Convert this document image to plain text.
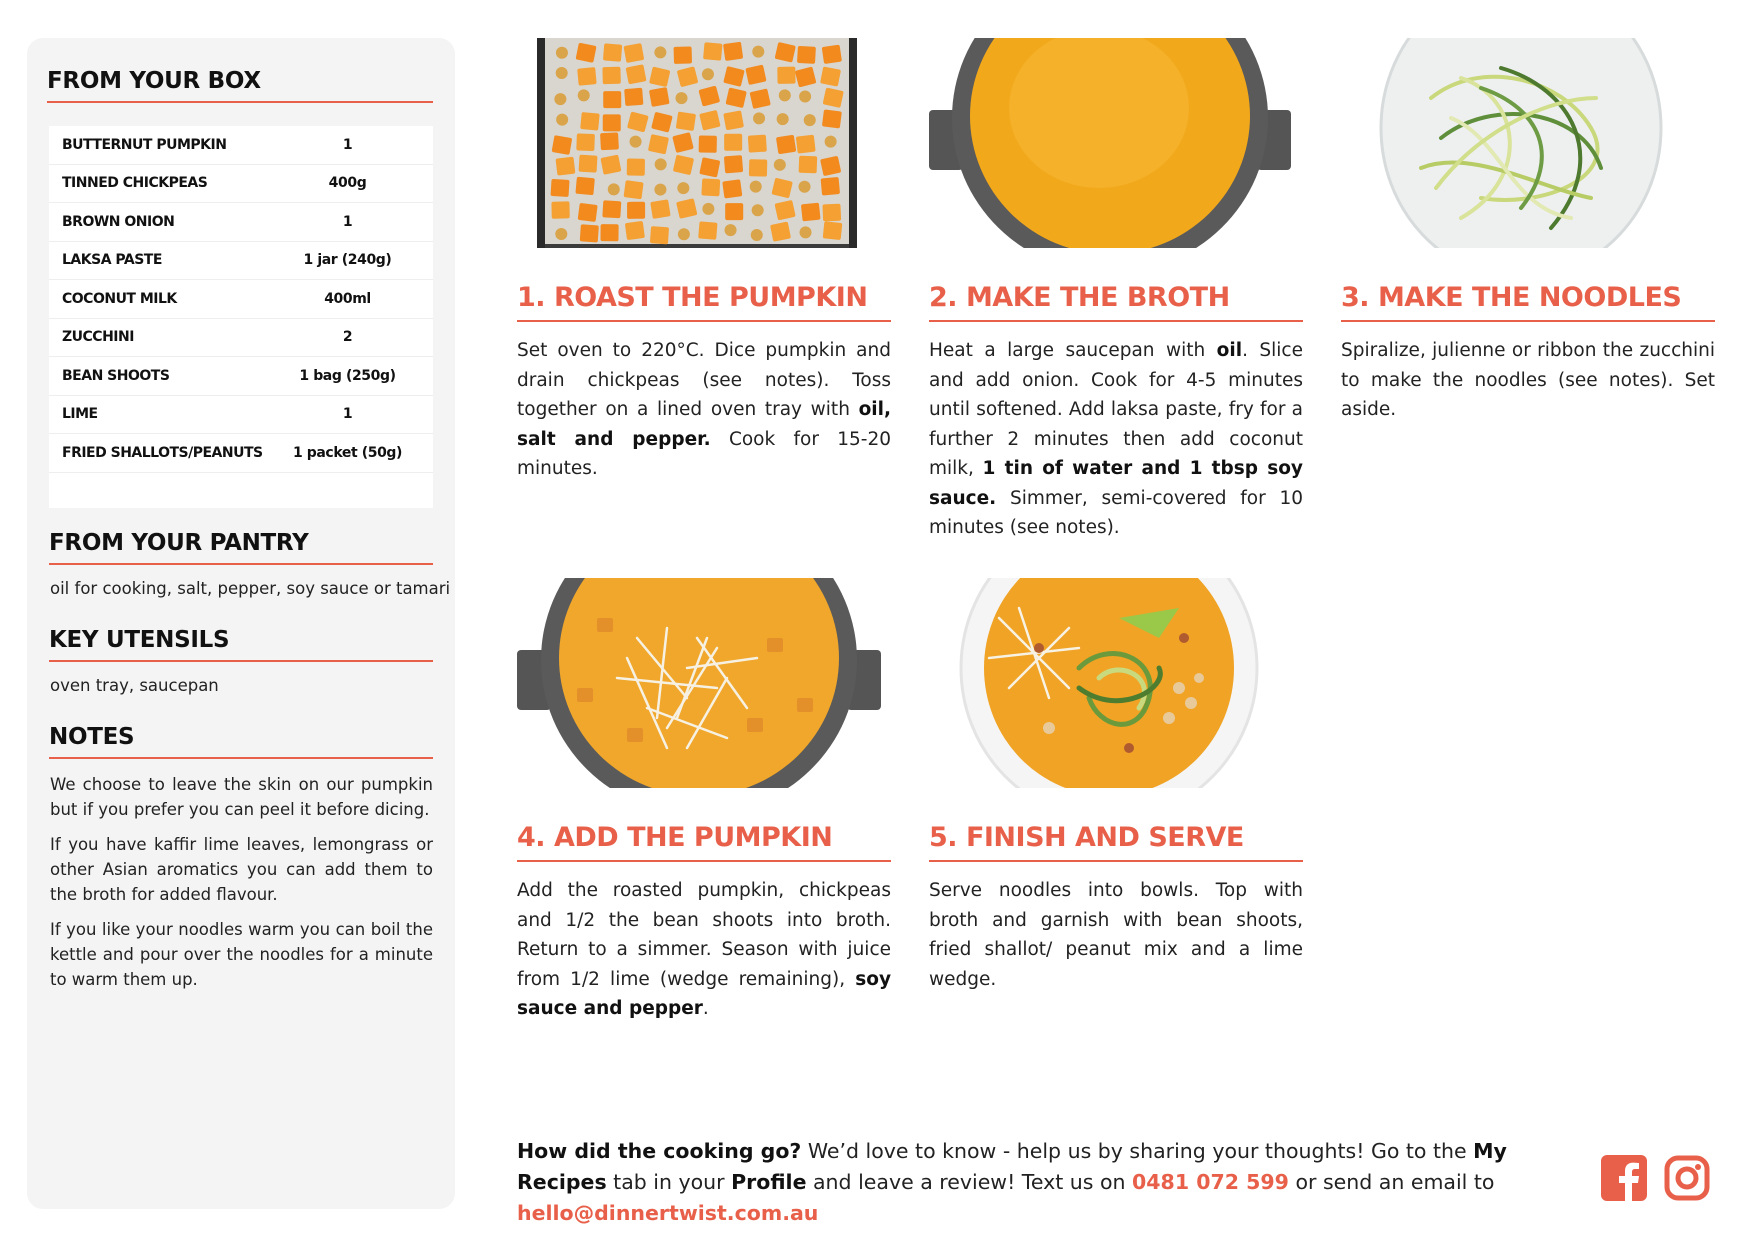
FROM YOUR BOX
BUTTERNUT PUMPKIN	1
TINNED CHICKPEAS	400g
BROWN ONION	1
LAKSA PASTE	1 jar (240g)
COCONUT MILK	400ml
ZUCCHINI	2
BEAN SHOOTS	1 bag (250g)
LIME	1
FRIED SHALLOTS/PEANUTS	1 packet (50g)
FROM YOUR PANTRY
oil for cooking, salt, pepper, soy sauce or tamari
KEY UTENSILS
oven tray, saucepan
NOTES

We choose to leave the skin on our pumpkin but if you prefer you can peel it before dicing.

If you have kaffir lime leaves, lemongrass or other Asian aromatics you can add them to the broth for added flavour.

If you like your noodles warm you can boil the kettle and pour over the noodles for a minute to warm them up.

1. ROAST THE PUMPKIN

Set oven to 220°C. Dice pumpkin and drain chickpeas (see notes). Toss together on a lined oven tray with oil, salt and pepper. Cook for 15-20 minutes.

2. MAKE THE BROTH

Heat a large saucepan with oil. Slice and add onion. Cook for 4-5 minutes until softened. Add laksa paste, fry for a further 2 minutes then add coconut milk, 1 tin of water and 1 tbsp soy sauce. Simmer, semi-covered for 10 minutes (see notes).

3. MAKE THE NOODLES

Spiralize, julienne or ribbon the zucchini to make the noodles (see notes). Set aside.

4. ADD THE PUMPKIN

Add the roasted pumpkin, chickpeas and 1/2 the bean shoots into broth. Return to a simmer. Season with juice from 1/2 lime (wedge remaining), soy sauce and pepper.

5. FINISH AND SERVE

Serve noodles into bowls. Top with broth and garnish with bean shoots, fried shallot/ peanut mix and a lime wedge.

How did the cooking go? We’d love to know - help us by sharing your thoughts! Go to the My Recipes tab in your Profile and leave a review! Text us on 0481 072 599 or send an email to hello@dinnertwist.com.au
